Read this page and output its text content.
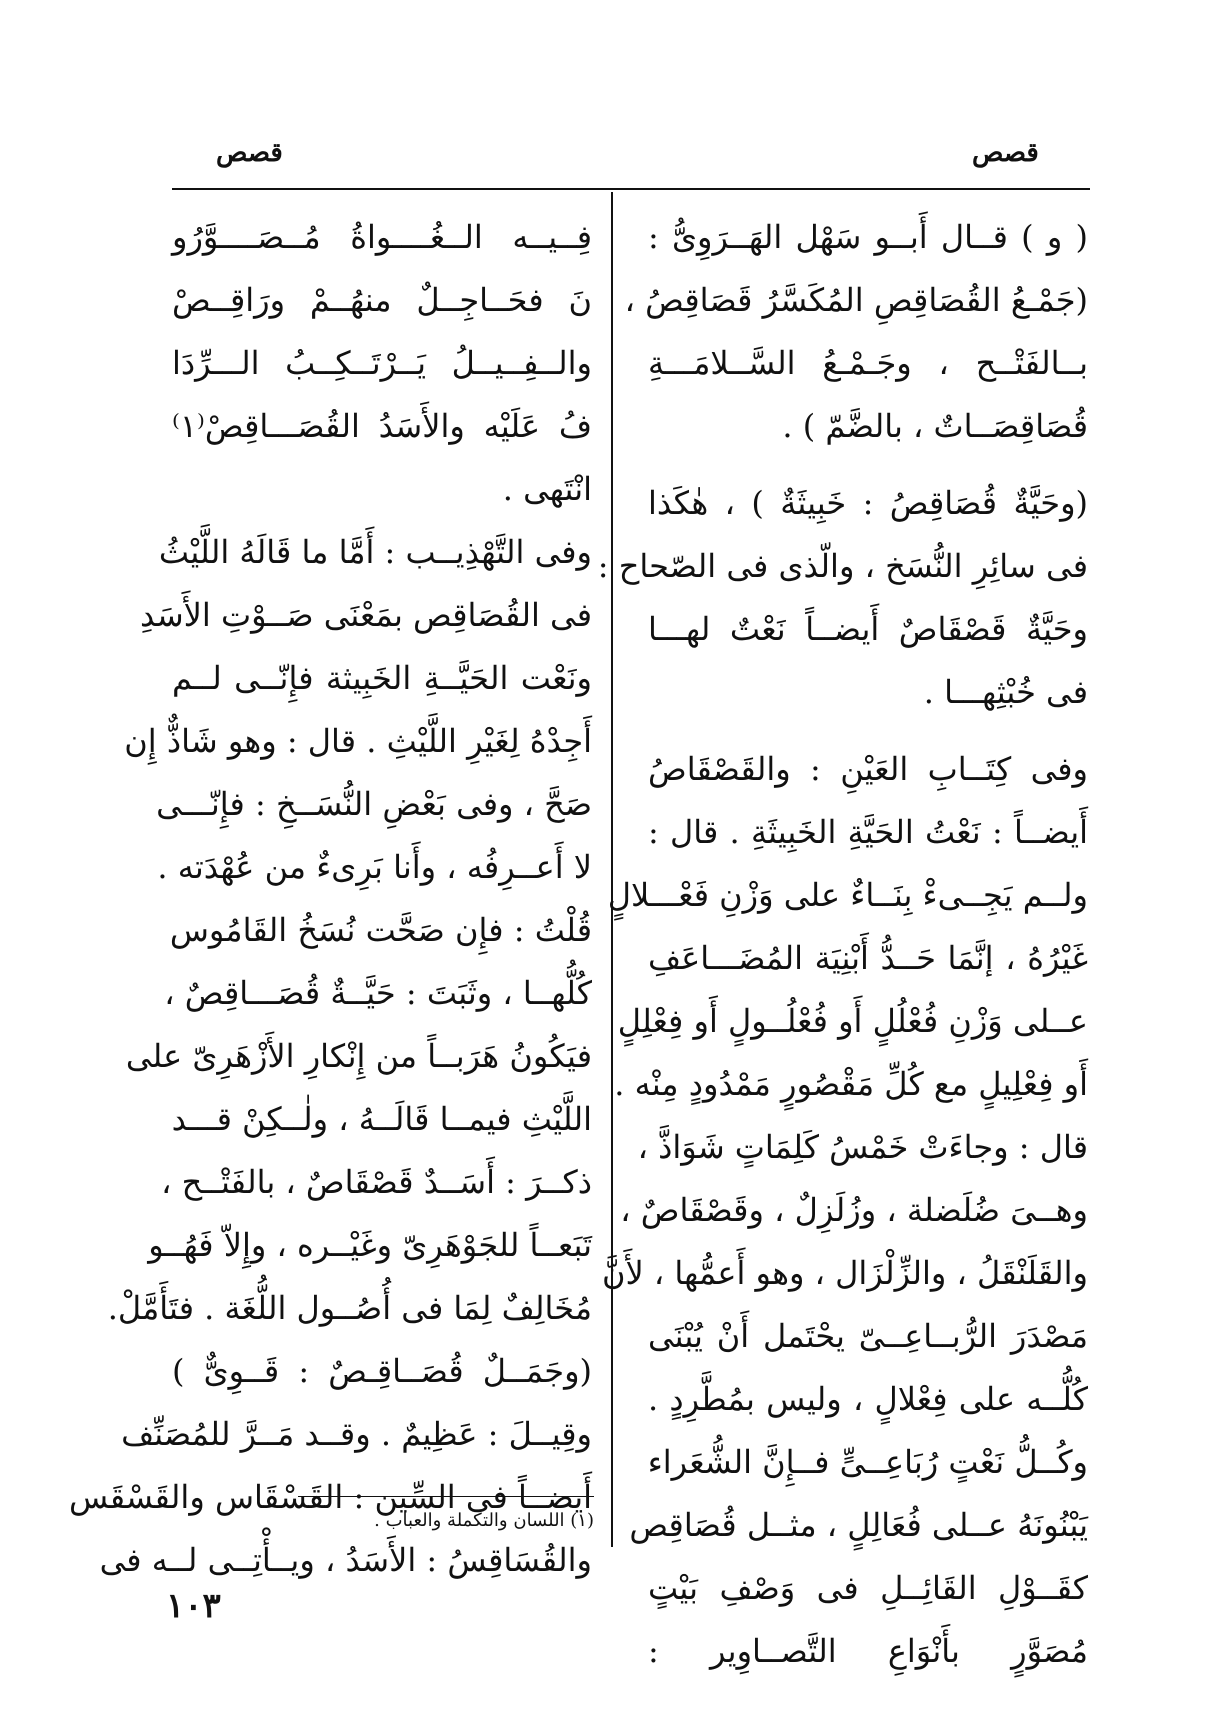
قصص
قصص
( و ) قــال أَبــو سَهْل الهَــرَوِىُّ :
(جَمْـعُ القُصَاقِصِ المُكَسَّرُ قَصَاقِصُ ،
بــالفَتْــح ، وجَـمْـعُ السَّــلامَـــةِ
قُصَاقِصَــاتٌ ، بالضَّمّ ) .
(وحَيَّةٌ قُصَاقِصُ : خَبِيثَةٌ ) ، هٰكَذا
فى سائِرِ النُّسَخ ، والّذى فى الصّحاح :
وحَيَّةٌ قَصْقَاصٌ أَيضــاً نَعْتٌ لهـــا
فى خُبْثِهـــا .
وفى كِتَــابِ العَيْنِ : والقَصْقَاصُ
أَيضــاً : نَعْتُ الحَيَّةِ الخَبِيثَةِ . قال :
ولــم يَجِــىءْ بِنَــاءٌ على وَزْنِ فَعْـــلالٍ
غَيْرُهُ ، إنَّمَا حَــدُّ أَبْنِيَة المُضَـــاعَفِ
عــلى وَزْنِ فُعْلُلٍ أَو فُعْلُــولٍ أَو فِعْلِلٍ
أَو فِعْلِيلٍ مع كُلِّ مَقْصُورٍ مَمْدُودٍ مِنْه .
قال : وجاءَتْ خَمْسُ كَلِمَاتٍ شَوَاذَّ ،
وهــىَ ضُلَضلة ، وزُلَزِلٌ ، وقَصْقَاصٌ ،
والقَلَنْقَلُ ، والزِّلْزَال ، وهو أَعمُّها ، لأَنَّ
مَصْدَرَ الرُّبــاعِــىّ يحْتَمل أَنْ يُبْنَى
كُلُّــه على فِعْلالٍ ، وليس بمُطَّرِدٍ .
وكُــلُّ نَعْتٍ رُبَاعِــىٍّ فــإِنَّ الشُّعَراء
يَبْنُونَهُ عــلى فُعَالِلٍ ، مثــل قُصَاقِص
كقَــوْلِ القَائِــلِ فى وَصْفِ بَيْتٍ
مُصَوَّرٍ بأَنْوَاعِ التَّصــاوِير :
فِــيــه الــغُــــواةُ مُــصَــــوَّرُو
نَ فحَــاجِــلٌ منهُــمْ ورَاقِــصْ
والــفِــيــلُ يَــرْتَــكِــبُ الـــرِّدَا
فُ عَلَيْه والأَسَدُ القُصَـــاقِصْ⁽١⁾
انْتَهى .
وفى التَّهْذِيــب : أَمَّا ما قَالَهُ اللَّيْثُ
فى القُصَاقِص بمَعْنَى صَــوْتِ الأَسَدِ
ونَعْت الحَيَّــةِ الخَبِيثة فإِنّــى لــم
أَجِدْهُ لِغَيْرِ اللَّيْثِ . قال : وهو شَاذٌّ إِن
صَحَّ ، وفى بَعْضِ النُّسَــخِ : فإِنّـــى
لا أَعــرِفُه ، وأَنا بَرِىءٌ من عُهْدَته .
قُلْتُ : فإِن صَحَّت نُسَخُ القَامُوس
كُلُّهــا ، وثَبَتَ : حَيَّــةٌ قُصَـــاقِصٌ ،
فيَكُونُ هَرَبــاً من إِنْكارِ الأَزْهَرِىّ على
اللَّيْثِ فيمــا قَالَــهُ ، ولٰــكِنْ قـــد
ذكــرَ : أَسَــدٌ قَصْقَاصٌ ، بالفَتْــح ،
تَبَعــاً للجَوْهَرِىّ وغَيْــره ، وإِلاّ فَهُــو
مُخَالِفٌ لِمَا فى أُصُــول اللُّغَة . فتَأَمَّلْ.
(وجَمَــلٌ قُصَــاقِـصٌ : قَــوِىٌّ )
وقِيــلَ : عَظِيمٌ . وقــد مَــرَّ للمُصَنِّف
أَيضــاً فى السِّين : القَسْقَاس والقَسْقَس
والقُسَاقِسُ : الأَسَدُ ، ويــأْتِــى لــه فى
(١) اللسان والتكملة والعباب .
١٠٣
